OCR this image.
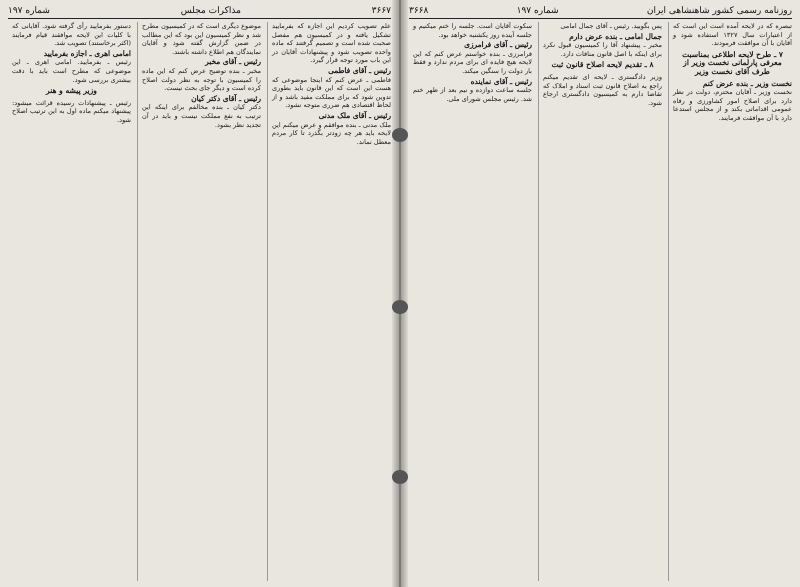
۳۶۶۷
مذاکرات مجلس
شماره ۱۹۷

علم تصویب کردیم این اجازه که بفرمایید تشکیل یافته و در کمیسیون هم مفصل صحبت شده است و تصمیم گرفتند که ماده واحده تصویب شود و پیشنهادات آقایان در این باب مورد توجه قرار گیرد.

رئیس ـ آقای فاطمی

فاطمی ـ عرض کنم که اینجا موضوعی که هست این است که این قانون باید بطوری تدوین شود که برای مملکت مفید باشد و از لحاظ اقتصادی هم ضرری متوجه نشود.

رئیس ـ آقای ملک مدنی

ملک مدنی ـ بنده موافقم و عرض میکنم این لایحه باید هر چه زودتر بگذرد تا کار مردم معطل نماند.

موضوع دیگری است که در کمیسیون مطرح شد و نظر کمیسیون این بود که این مطالب در ضمن گزارش گفته شود و آقایان نمایندگان هم اطلاع داشته باشند.

رئیس ـ آقای مخبر

مخبر ـ بنده توضیح عرض کنم که این ماده را کمیسیون با توجه به نظر دولت اصلاح کرده است و دیگر جای بحث نیست.

رئیس ـ آقای دکتر کیان

دکتر کیان ـ بنده مخالفم برای اینکه این ترتیب به نفع مملکت نیست و باید در آن تجدید نظر بشود.

دستور بفرمایید رأی گرفته شود. آقایانی که با کلیات این لایحه موافقند قیام فرمایند (اکثر برخاستند) تصویب شد.

امامی اهری ـ اجازه بفرمایید

رئیس ـ بفرمایید. امامی اهری ـ این موضوعی که مطرح است باید با دقت بیشتری بررسی شود.

وزیر پیشه و هنر

رئیس ـ پیشنهادات رسیده قرائت میشود: پیشنهاد میکنم ماده اول به این ترتیب اصلاح شود.

روزنامه رسمی کشور شاهنشاهی ایران
شماره ۱۹۷
۳۶۶۸

تبصره که در لایحه آمده است این است که از اعتبارات سال ۱۳۲۷ استفاده شود و آقایان با آن موافقت فرمودند.

۷ ـ طرح لایحه اطلاعی بمناسبت معرفی پارلمانی نخست وزیر از طرف آقای نخست وزیر
نخست وزیر ـ بنده عرض کنم

نخست وزیر ـ آقایان محترم، دولت در نظر دارد برای اصلاح امور کشاورزی و رفاه عمومی اقداماتی بکند و از مجلس استدعا دارد با آن موافقت فرمایند.

پس بگویید. رئیس ـ آقای جمال امامی

جمال امامی ـ بنده عرض دارم

مخبر ـ پیشنهاد آقا را کمیسیون قبول نکرد برای اینکه با اصل قانون منافات دارد.

۸ ـ تقدیم لایحه اصلاح قانون ثبت

وزیر دادگستری ـ لایحه ای تقدیم میکنم راجع به اصلاح قانون ثبت اسناد و املاک که تقاضا دارم به کمیسیون دادگستری ارجاع شود.

سکوت آقایان است. جلسه را ختم میکنیم و جلسه آینده روز یکشنبه خواهد بود.

رئیس ـ آقای فرامرزی

فرامرزی ـ بنده خواستم عرض کنم که این لایحه هیچ فایده ای برای مردم ندارد و فقط بار دولت را سنگین میکند.

رئیس ـ آقای نماینده

جلسه ساعت دوازده و نیم بعد از ظهر ختم شد. رئیس مجلس شورای ملی.
